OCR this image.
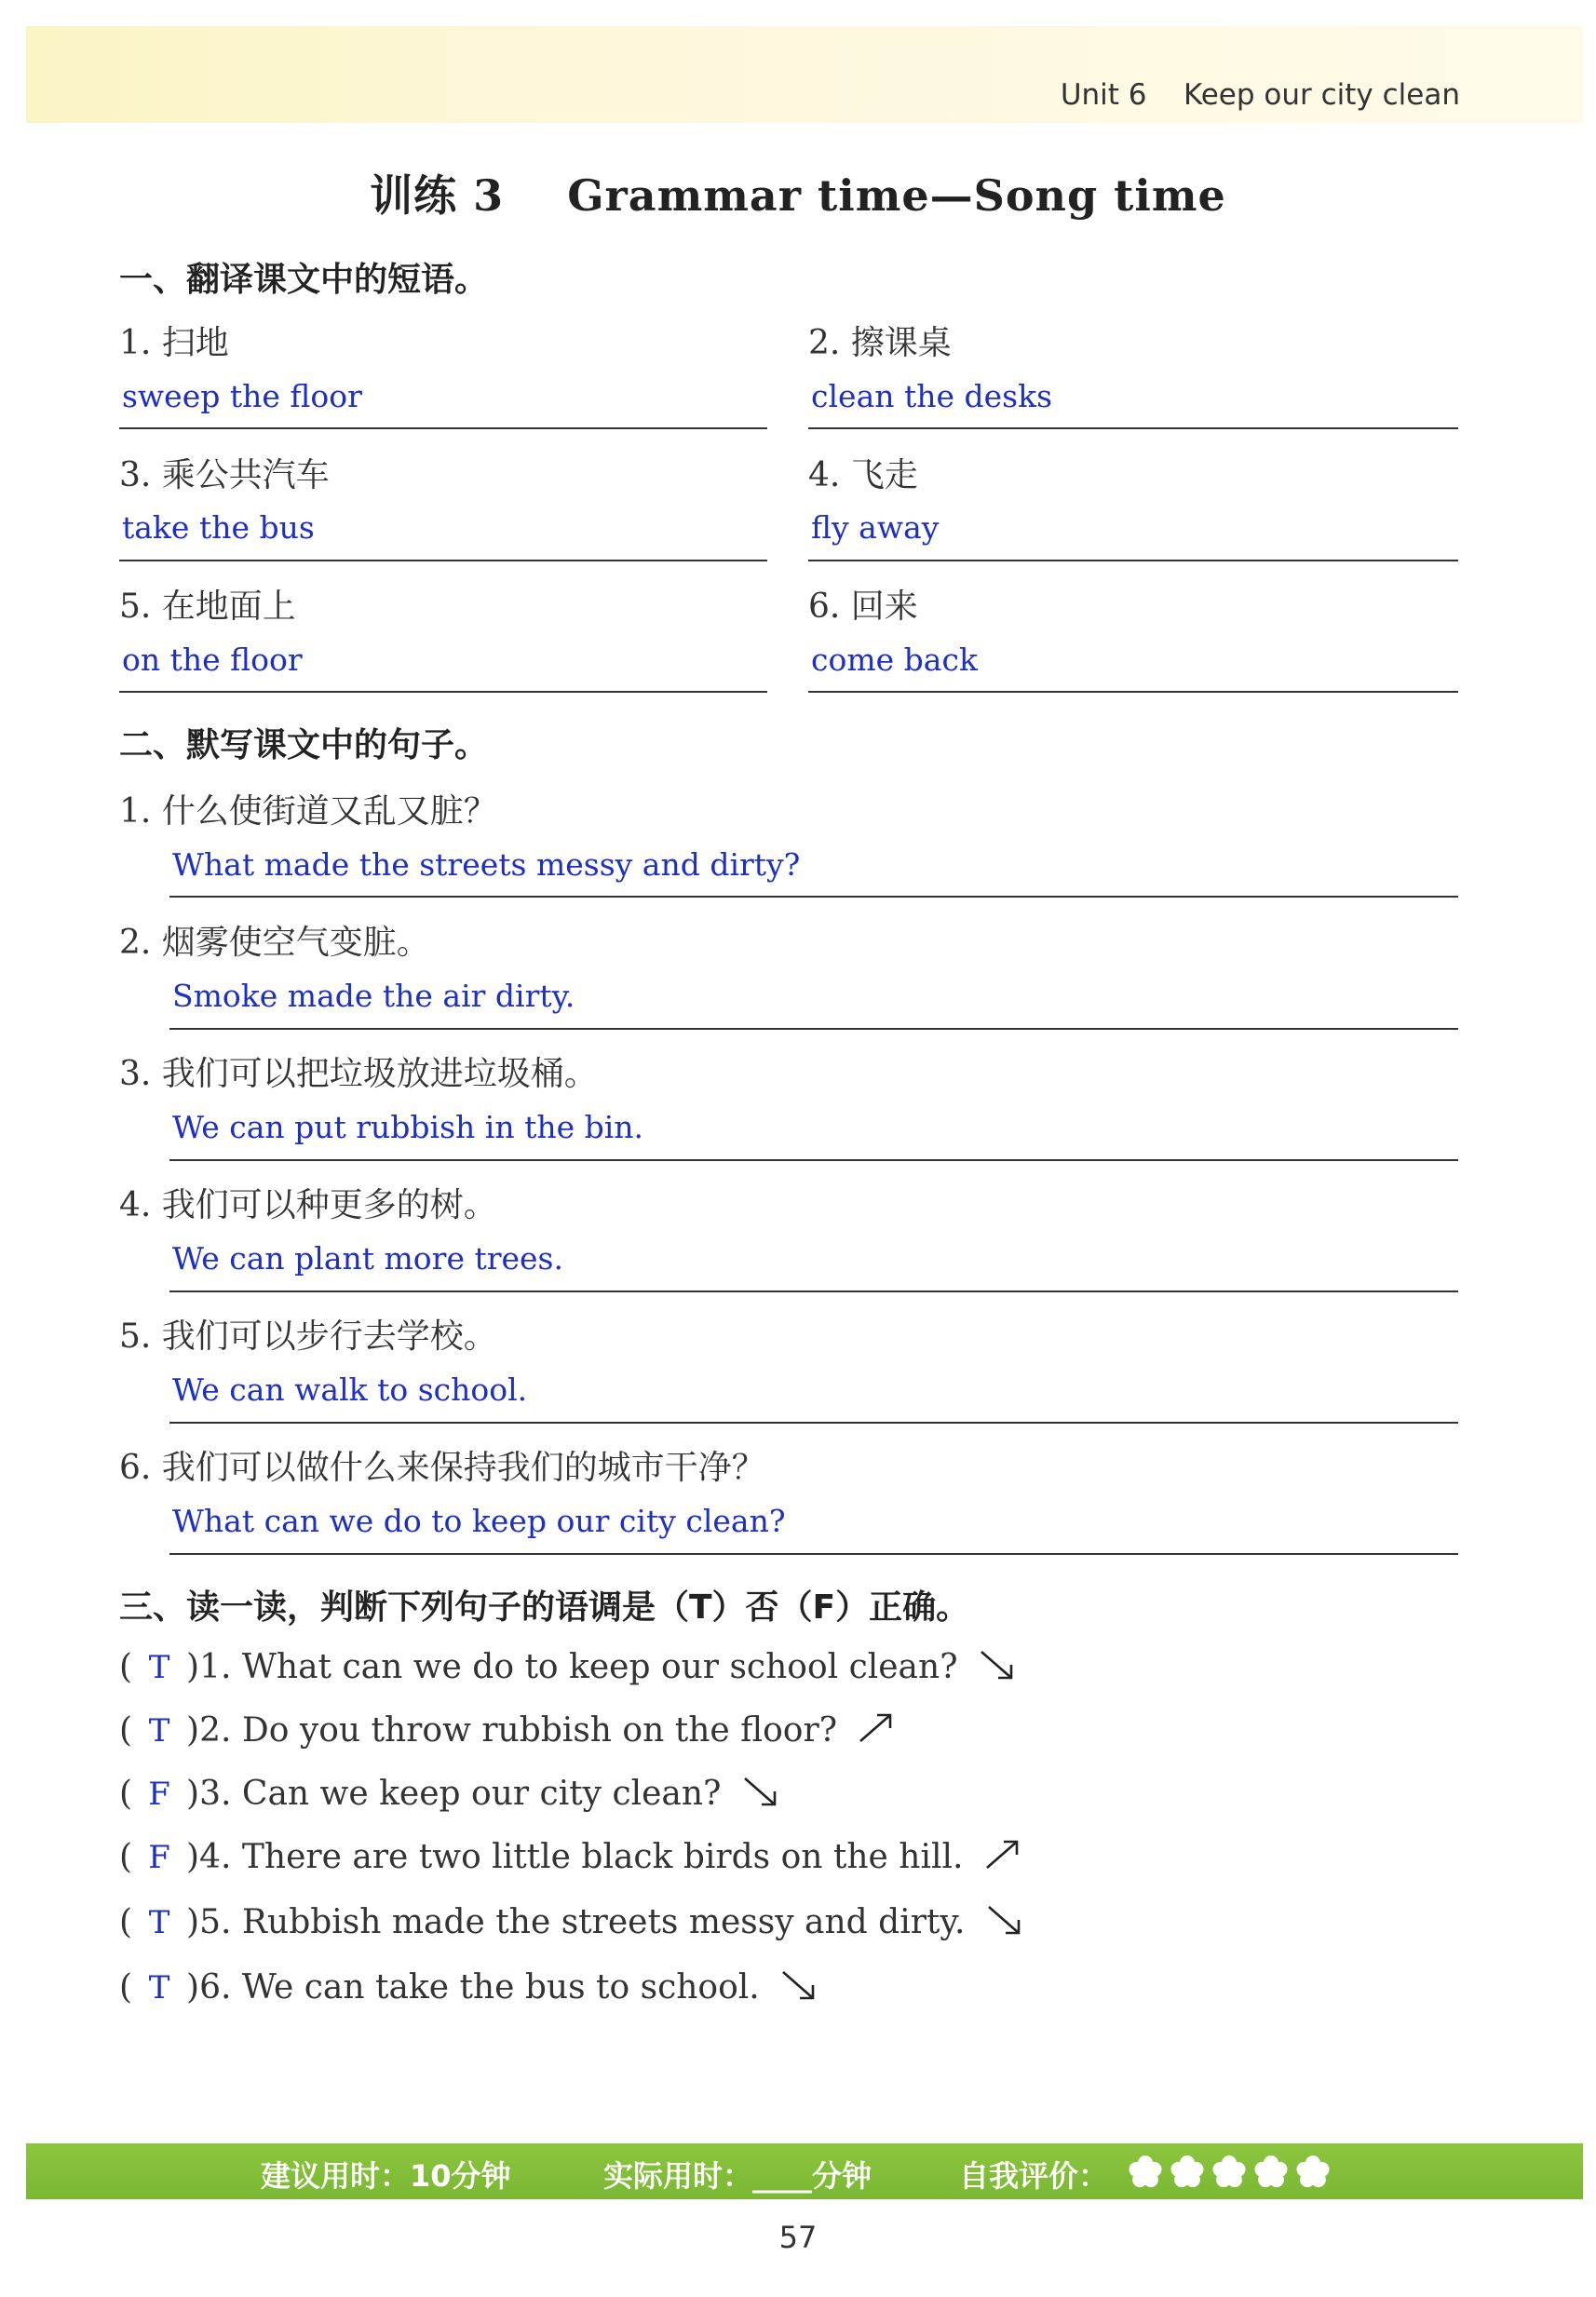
Unit 6    Keep our city clean
训练 3    Grammar time—Song time
一、翻译课文中的短语。
1. 扫地
sweep the floor
2. 擦课桌
clean the desks
3. 乘公共汽车
take the bus
4. 飞走
fly away
5. 在地面上
on the floor
6. 回来
come back
二、默写课文中的句子。
1. 什么使街道又乱又脏？
What made the streets messy and dirty?
2. 烟雾使空气变脏。
Smoke made the air dirty.
3. 我们可以把垃圾放进垃圾桶。
We can put rubbish in the bin.
4. 我们可以种更多的树。
We can plant more trees.
5. 我们可以步行去学校。
We can walk to school.
6. 我们可以做什么来保持我们的城市干净？
What can we do to keep our city clean?
三、读一读，判断下列句子的语调是（T）否（F）正确。
( T )1. What can we do to keep our school clean?
( T )2. Do you throw rubbish on the floor?
( F )3. Can we keep our city clean?
( F )4. There are two little black birds on the hill.
( T )5. Rubbish made the streets messy and dirty.
( T )6. We can take the bus to school.
建议用时：10分钟	实际用时：____分钟	自我评价：
57
